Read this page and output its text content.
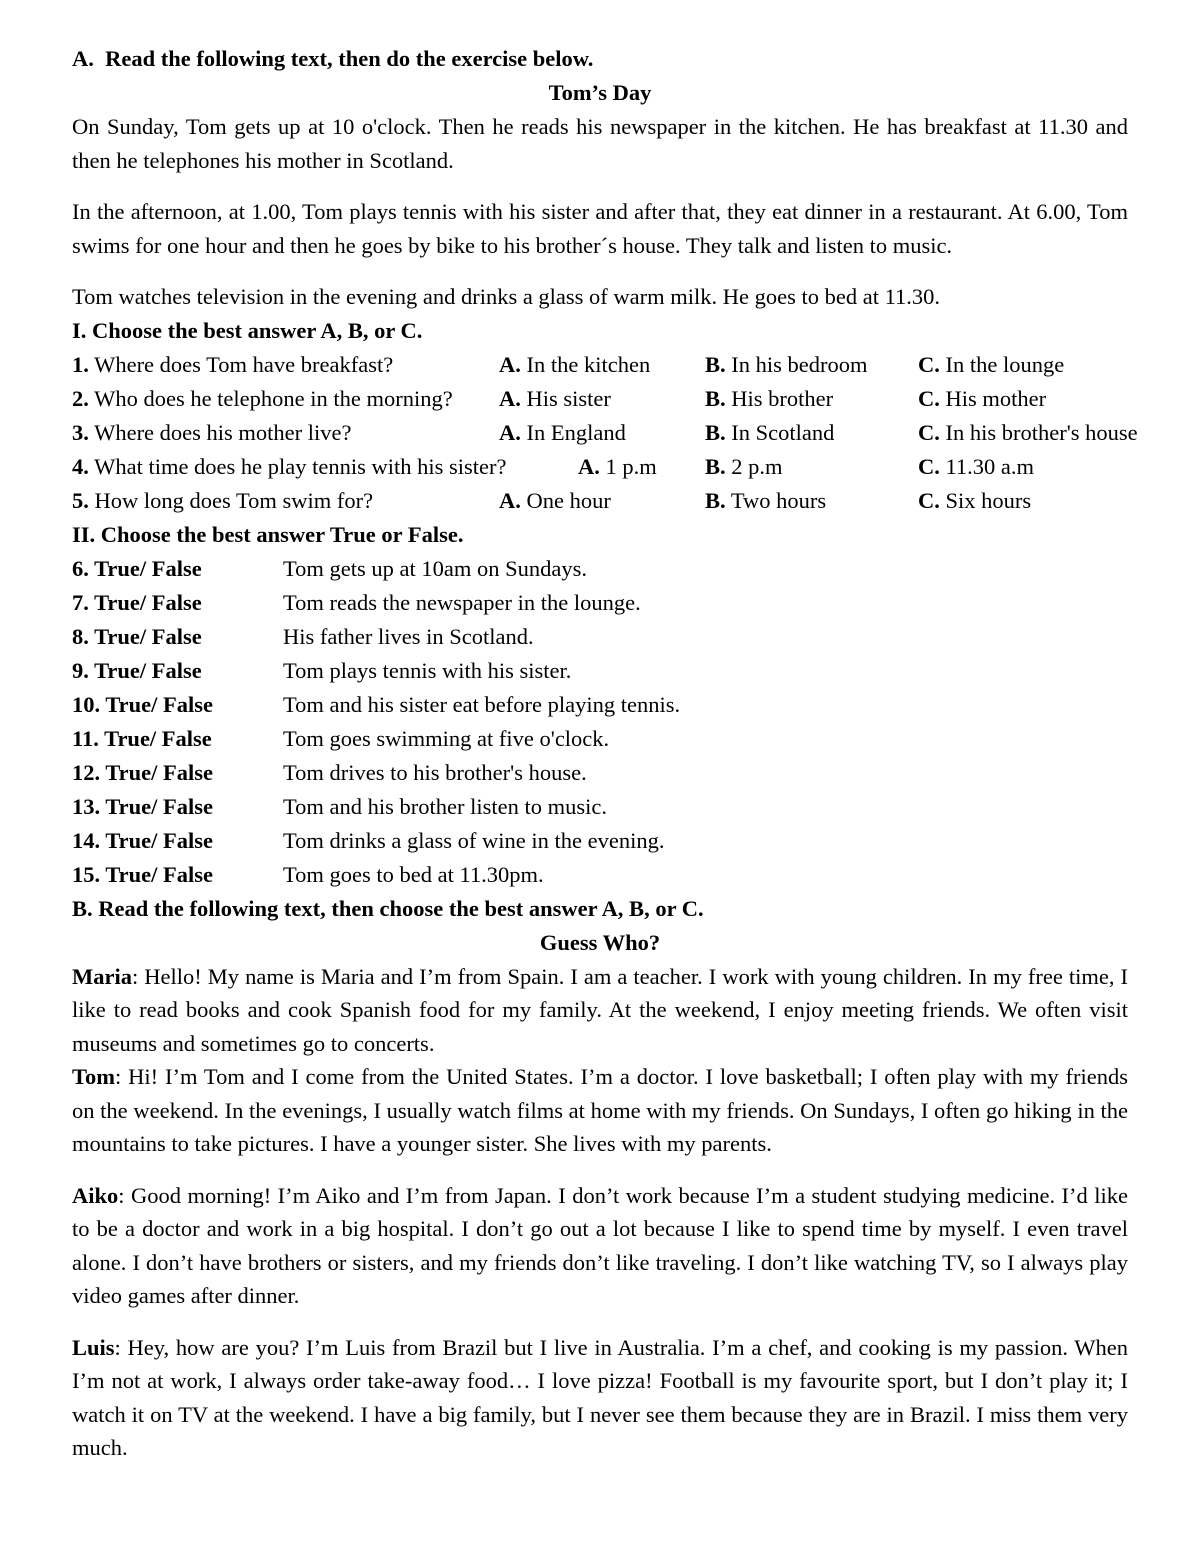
A. Read the following text, then do the exercise below.
Tom’s Day
On Sunday, Tom gets up at 10 o'clock. Then he reads his newspaper in the kitchen. He has breakfast at 11.30 and then he telephones his mother in Scotland.
In the afternoon, at 1.00, Tom plays tennis with his sister and after that, they eat dinner in a restaurant. At 6.00, Tom swims for one hour and then he goes by bike to his brother´s house. They talk and listen to music.
Tom watches television in the evening and drinks a glass of warm milk. He goes to bed at 11.30.
I. Choose the best answer A, B, or C.
1. Where does Tom have breakfast?	A. In the kitchen B. In his bedroom C. In the lounge
2. Who does he telephone in the morning? A. His sister	B. His brother	C. His mother
3. Where does his mother live?	A. In England	B. In Scotland	C. In his brother's house
4. What time does he play tennis with his sister?	A. 1 p.m B. 2 p.m	C. 11.30 a.m
5. How long does Tom swim for?	A. One hour	B. Two hours	C. Six hours
II. Choose the best answer True or False.
6. True/ False	Tom gets up at 10am on Sundays.
7. True/ False	Tom reads the newspaper in the lounge.
8. True/ False	His father lives in Scotland.
9. True/ False	Tom plays tennis with his sister.
10. True/ False	Tom and his sister eat before playing tennis.
11. True/ False	Tom goes swimming at five o'clock.
12. True/ False	Tom drives to his brother's house.
13. True/ False	Tom and his brother listen to music.
14. True/ False	Tom drinks a glass of wine in the evening.
15. True/ False	Tom goes to bed at 11.30pm.
B. Read the following text, then choose the best answer A, B, or C.
Guess Who?
Maria: Hello! My name is Maria and I’m from Spain. I am a teacher. I work with young children. In my free time, I like to read books and cook Spanish food for my family. At the weekend, I enjoy meeting friends. We often visit museums and sometimes go to concerts.
Tom: Hi! I’m Tom and I come from the United States. I’m a doctor. I love basketball; I often play with my friends on the weekend. In the evenings, I usually watch films at home with my friends. On Sundays, I often go hiking in the mountains to take pictures. I have a younger sister. She lives with my parents.
Aiko: Good morning! I’m Aiko and I’m from Japan. I don’t work because I’m a student studying medicine. I’d like to be a doctor and work in a big hospital. I don’t go out a lot because I like to spend time by myself. I even travel alone. I don’t have brothers or sisters, and my friends don’t like traveling. I don’t like watching TV, so I always play video games after dinner.
Luis: Hey, how are you? I’m Luis from Brazil but I live in Australia. I’m a chef, and cooking is my passion. When I’m not at work, I always order take-away food… I love pizza! Football is my favourite sport, but I don’t play it; I watch it on TV at the weekend. I have a big family, but I never see them because they are in Brazil. I miss them very much.
